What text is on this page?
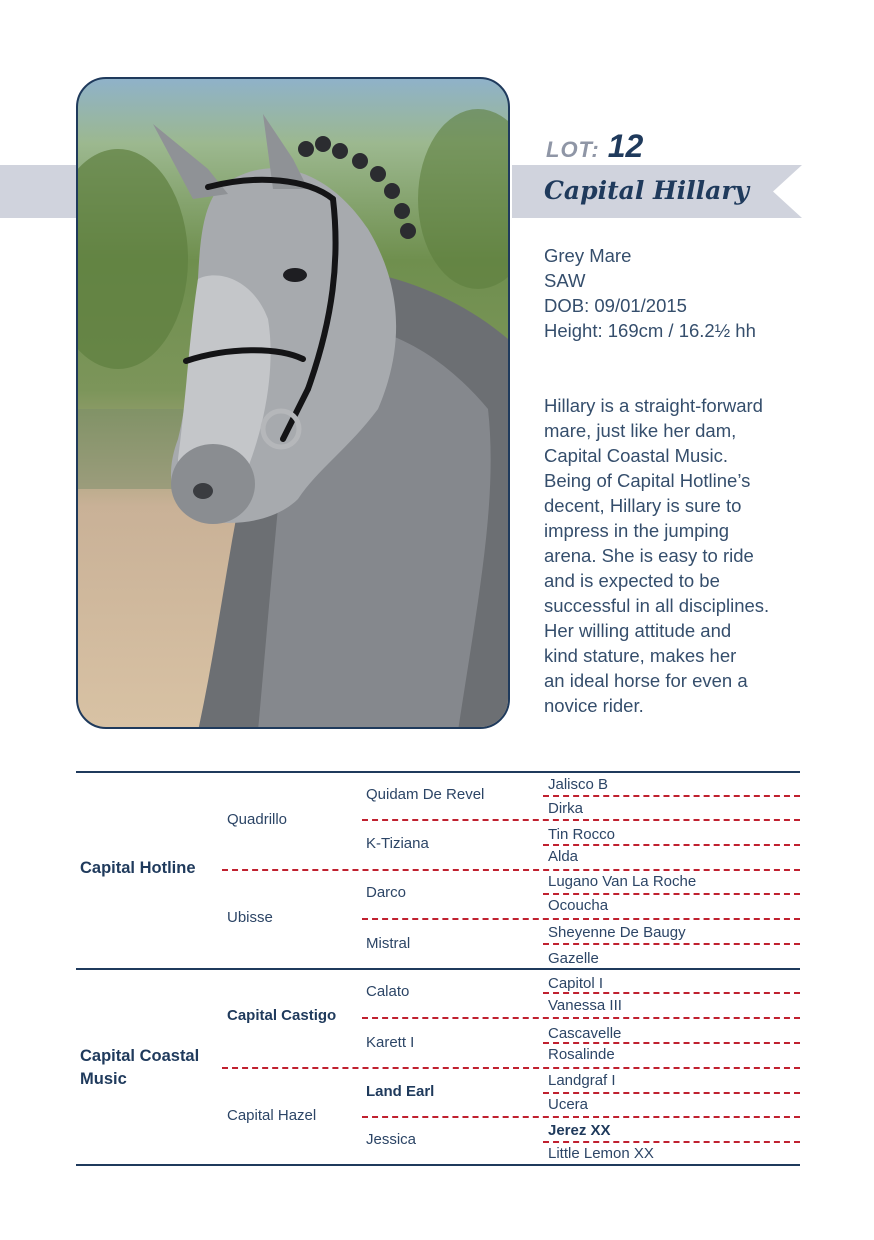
LOT: 12
Capital Hillary
Grey Mare
SAW
DOB: 09/01/2015
Height: 169cm / 16.2½ hh
Hillary is a straight-forward
mare, just like her dam,
Capital Coastal Music.
Being of Capital Hotline’s
decent, Hillary is sure to
impress in the jumping
arena. She is easy to ride
and is expected to be
successful in all disciplines.
Her willing attitude and
kind stature, makes her
an ideal horse for even a
novice rider.
Capital Hotline
Capital Coastal
Music
Quadrillo
Ubisse
Capital Castigo
Capital Hazel
Quidam De Revel
K-Tiziana
Darco
Mistral
Calato
Karett I
Land Earl
Jessica
Jalisco B
Dirka
Tin Rocco
Alda
Lugano Van La Roche
Ocoucha
Sheyenne De Baugy
Gazelle
Capitol I
Vanessa III
Cascavelle
Rosalinde
Landgraf I
Ucera
Jerez XX
Little Lemon XX
